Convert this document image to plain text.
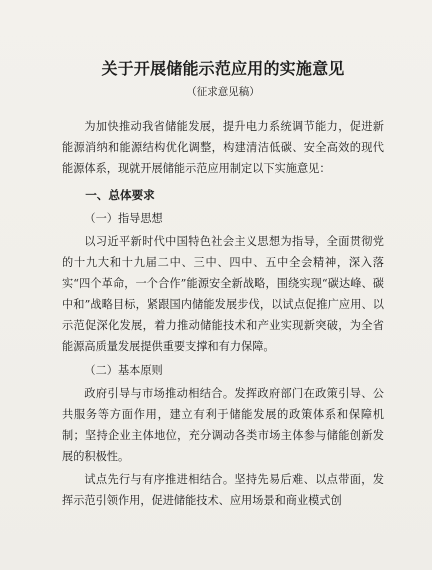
关于开展储能示范应用的实施意见
（征求意见稿）
为加快推动我省储能发展，提升电力系统调节能力，促进新能源消纳和能源结构优化调整，构建清洁低碳、安全高效的现代能源体系，现就开展储能示范应用制定以下实施意见：
一、总体要求
（一）指导思想
以习近平新时代中国特色社会主义思想为指导，全面贯彻党的十九大和十九届二中、三中、四中、五中全会精神，深入落实“四个革命，一个合作”能源安全新战略，围绕实现“碳达峰、碳中和”战略目标，紧跟国内储能发展步伐，以试点促推广应用、以示范促深化发展，着力推动储能技术和产业实现新突破，为全省能源高质量发展提供重要支撑和有力保障。
（二）基本原则
政府引导与市场推动相结合。发挥政府部门在政策引导、公共服务等方面作用，建立有利于储能发展的政策体系和保障机制；坚持企业主体地位，充分调动各类市场主体参与储能创新发展的积极性。
试点先行与有序推进相结合。坚持先易后难、以点带面，发挥示范引领作用，促进储能技术、应用场景和商业模式创
